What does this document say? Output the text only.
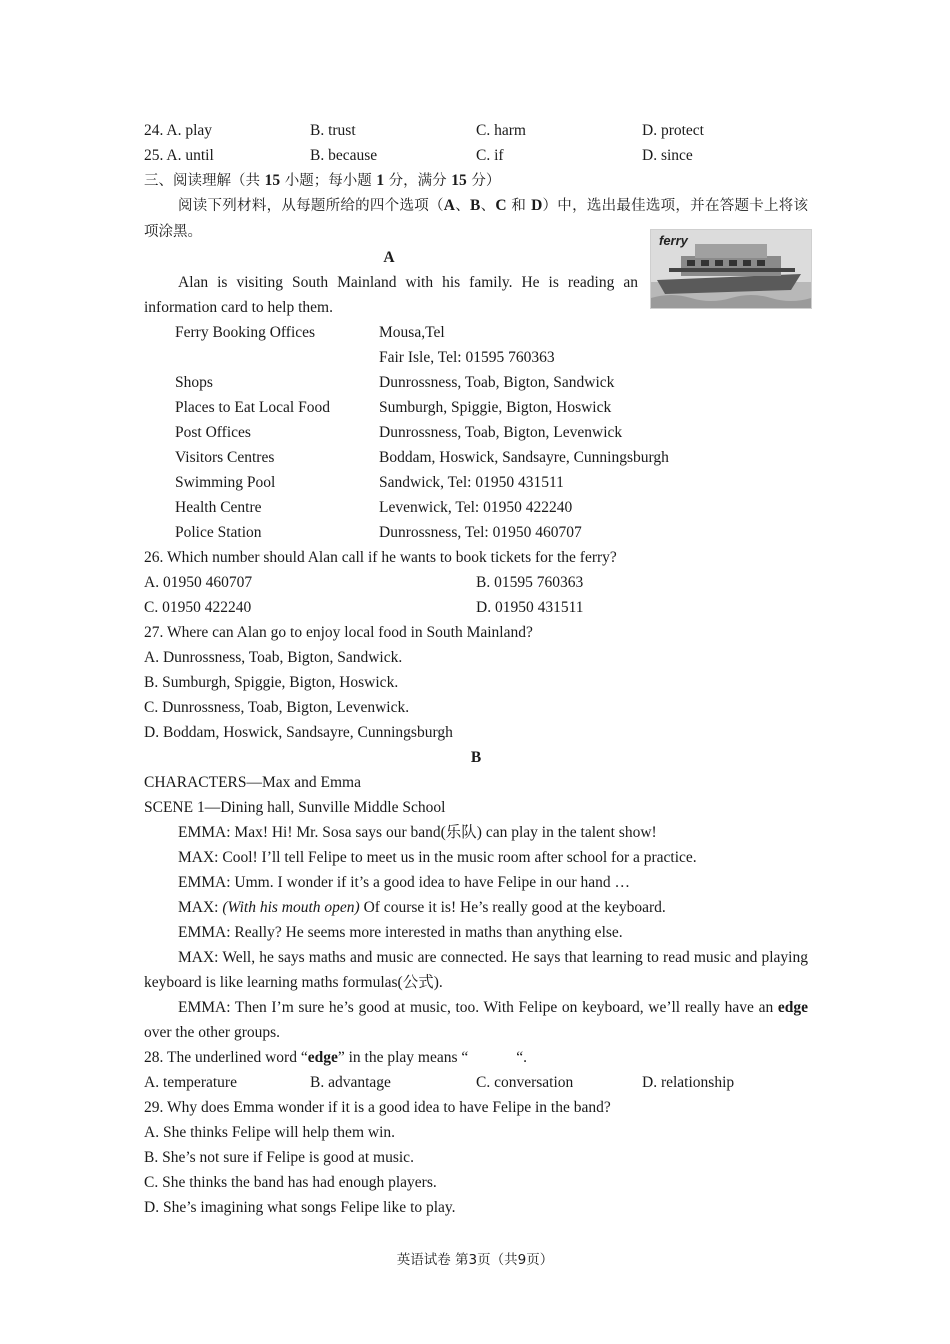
ferry
24. A. play	B. trust	C. harm	D. protect
25. A. until	B. because	C. if	D. since
三、阅读理解（共 15 小题；每小题 1 分，满分 15 分）
阅读下列材料，从每题所给的四个选项（A、B、C 和 D）中，选出最佳选项，并在答题卡上将该项涂黑。
A
Alan is visiting South Mainland with his family. He is reading an information card to help them.
Ferry Booking Offices	Mousa,Tel
Fair Isle, Tel: 01595 760363
Shops	Dunrossness, Toab, Bigton, Sandwick
Places to Eat Local Food	Sumburgh, Spiggie, Bigton, Hoswick
Post Offices	Dunrossness, Toab, Bigton, Levenwick
Visitors Centres	Boddam, Hoswick, Sandsayre, Cunningsburgh
Swimming Pool	Sandwick, Tel: 01950 431511
Health Centre	Levenwick, Tel: 01950 422240
Police Station	Dunrossness, Tel: 01950 460707
26. Which number should Alan call if he wants to book tickets for the ferry?
A. 01950 460707	B. 01595 760363
C. 01950 422240	D. 01950 431511
27. Where can Alan go to enjoy local food in South Mainland?
A. Dunrossness, Toab, Bigton, Sandwick.
B. Sumburgh, Spiggie, Bigton, Hoswick.
C. Dunrossness, Toab, Bigton, Levenwick.
D. Boddam, Hoswick, Sandsayre, Cunningsburgh
B
CHARACTERS—Max and Emma
SCENE 1—Dining hall, Sunville Middle School
EMMA: Max! Hi! Mr. Sosa says our band(乐队) can play in the talent show!
MAX: Cool! I’ll tell Felipe to meet us in the music room after school for a practice.
EMMA: Umm. I wonder if it’s a good idea to have Felipe in our hand …
MAX: (With his mouth open) Of course it is! He’s really good at the keyboard.
EMMA: Really? He seems more interested in maths than anything else.
MAX: Well, he says maths and music are connected. He says that learning to read music and playing keyboard is like learning maths formulas(公式).
EMMA: Then I’m sure he’s good at music, too. With Felipe on keyboard, we’ll really have an edge over the other groups.
28. The underlined word “edge” in the play means “	“.
A. temperature	B. advantage	C. conversation	D. relationship
29. Why does Emma wonder if it is a good idea to have Felipe in the band?
A. She thinks Felipe will help them win.
B. She’s not sure if Felipe is good at music.
C. She thinks the band has had enough players.
D. She’s imagining what songs Felipe like to play.
英语试卷 第3页（共9页）
